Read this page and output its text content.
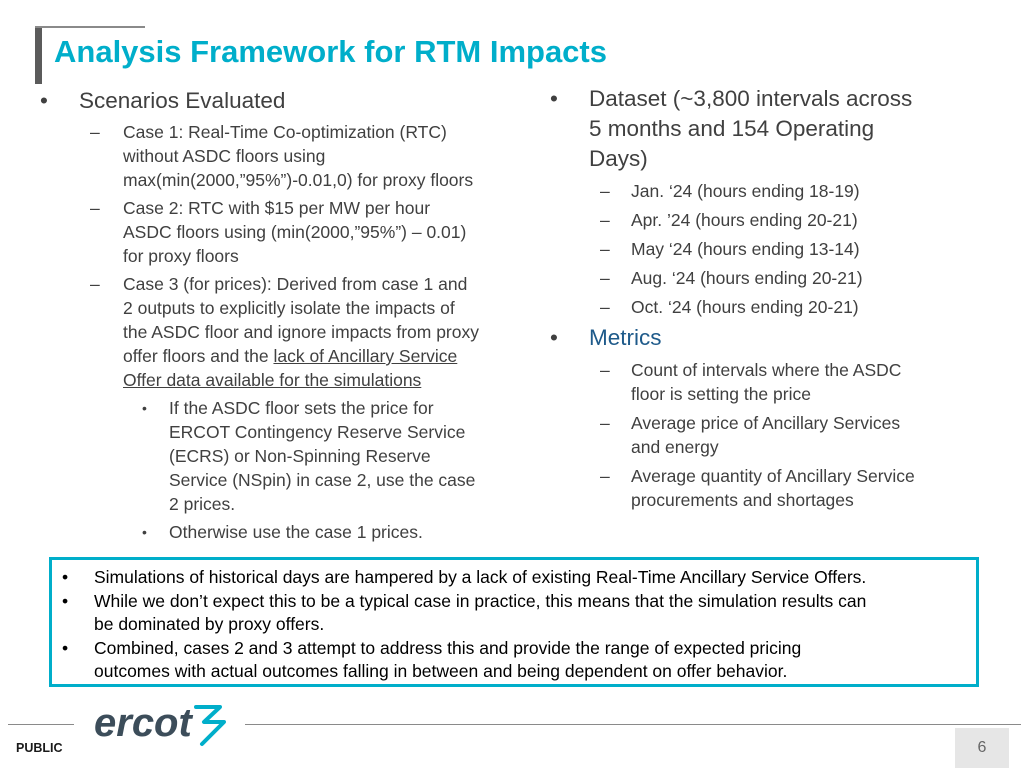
Analysis Framework for RTM Impacts
• Scenarios Evaluated
– Case 1: Real-Time Co-optimization (RTC)
without ASDC floors using
max(min(2000,”95%”)-0.01,0) for proxy floors
– Case 2: RTC with $15 per MW per hour
ASDC floors using (min(2000,”95%”) – 0.01)
for proxy floors
– Case 3 (for prices): Derived from case 1 and
2 outputs to explicitly isolate the impacts of
the ASDC floor and ignore impacts from proxy
offer floors and the lack of Ancillary Service
Offer data available for the simulations
• If the ASDC floor sets the price for
ERCOT Contingency Reserve Service
(ECRS) or Non-Spinning Reserve
Service (NSpin) in case 2, use the case
2 prices.
• Otherwise use the case 1 prices.
• Dataset (~3,800 intervals across
5 months and 154 Operating
Days)
– Jan. ‘24 (hours ending 18-19)
– Apr. ’24 (hours ending 20-21)
– May ‘24 (hours ending 13-14)
– Aug. ‘24 (hours ending 20-21)
– Oct. ‘24 (hours ending 20-21)
• Metrics
– Count of intervals where the ASDC
floor is setting the price
– Average price of Ancillary Services
and energy
– Average quantity of Ancillary Service
procurements and shortages
• Simulations of historical days are hampered by a lack of existing Real-Time Ancillary Service Offers.
• While we don’t expect this to be a typical case in practice, this means that the simulation results can
be dominated by proxy offers.
• Combined, cases 2 and 3 attempt to address this and provide the range of expected pricing
outcomes with actual outcomes falling in between and being dependent on offer behavior.
ercot
PUBLIC	6
